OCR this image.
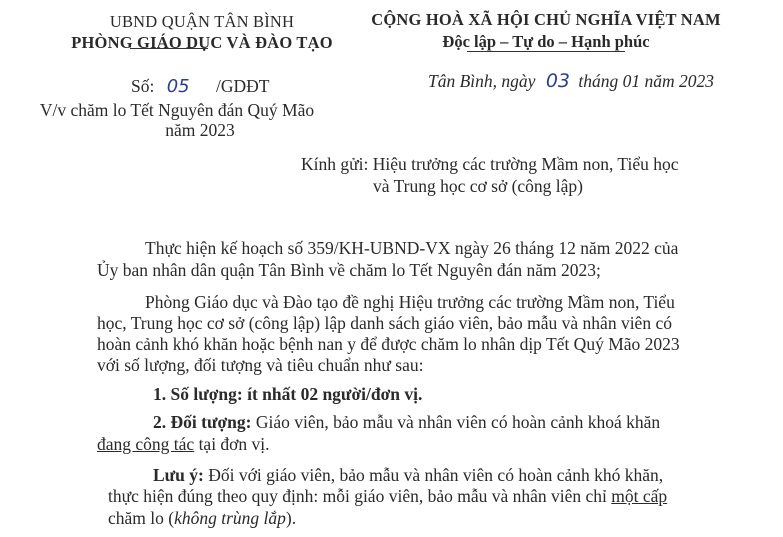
UBND QUẬN TÂN BÌNH
PHÒNG GIÁO DỤC VÀ ĐÀO TẠO
Số: 05 /GDĐT
V/v chăm lo Tết Nguyên đán Quý Mão
năm 2023
CỘNG HOÀ XÃ HỘI CHỦ NGHĨA VIỆT NAM
Độc lập – Tự do – Hạnh phúc
Tân Bình, ngày 03 tháng 01 năm 2023
Kính gửi: Hiệu trưởng các trường Mầm non, Tiểu học
và Trung học cơ sở (công lập)
Thực hiện kế hoạch số 359/KH-UBND-VX ngày 26 tháng 12 năm 2022 của
Ủy ban nhân dân quận Tân Bình về chăm lo Tết Nguyên đán năm 2023;
Phòng Giáo dục và Đào tạo đề nghị Hiệu trưởng các trường Mầm non, Tiểu
học, Trung học cơ sở (công lập) lập danh sách giáo viên, bảo mẫu và nhân viên có
hoàn cảnh khó khăn hoặc bệnh nan y để được chăm lo nhân dịp Tết Quý Mão 2023
với số lượng, đối tượng và tiêu chuẩn như sau:
1. Số lượng: ít nhất 02 người/đơn vị.
2. Đối tượng: Giáo viên, bảo mẫu và nhân viên có hoàn cảnh khoá khăn
đang công tác tại đơn vị.
Lưu ý: Đối với giáo viên, bảo mẫu và nhân viên có hoàn cảnh khó khăn,
thực hiện đúng theo quy định: mỗi giáo viên, bảo mẫu và nhân viên chỉ một cấp
chăm lo (không trùng lắp).
